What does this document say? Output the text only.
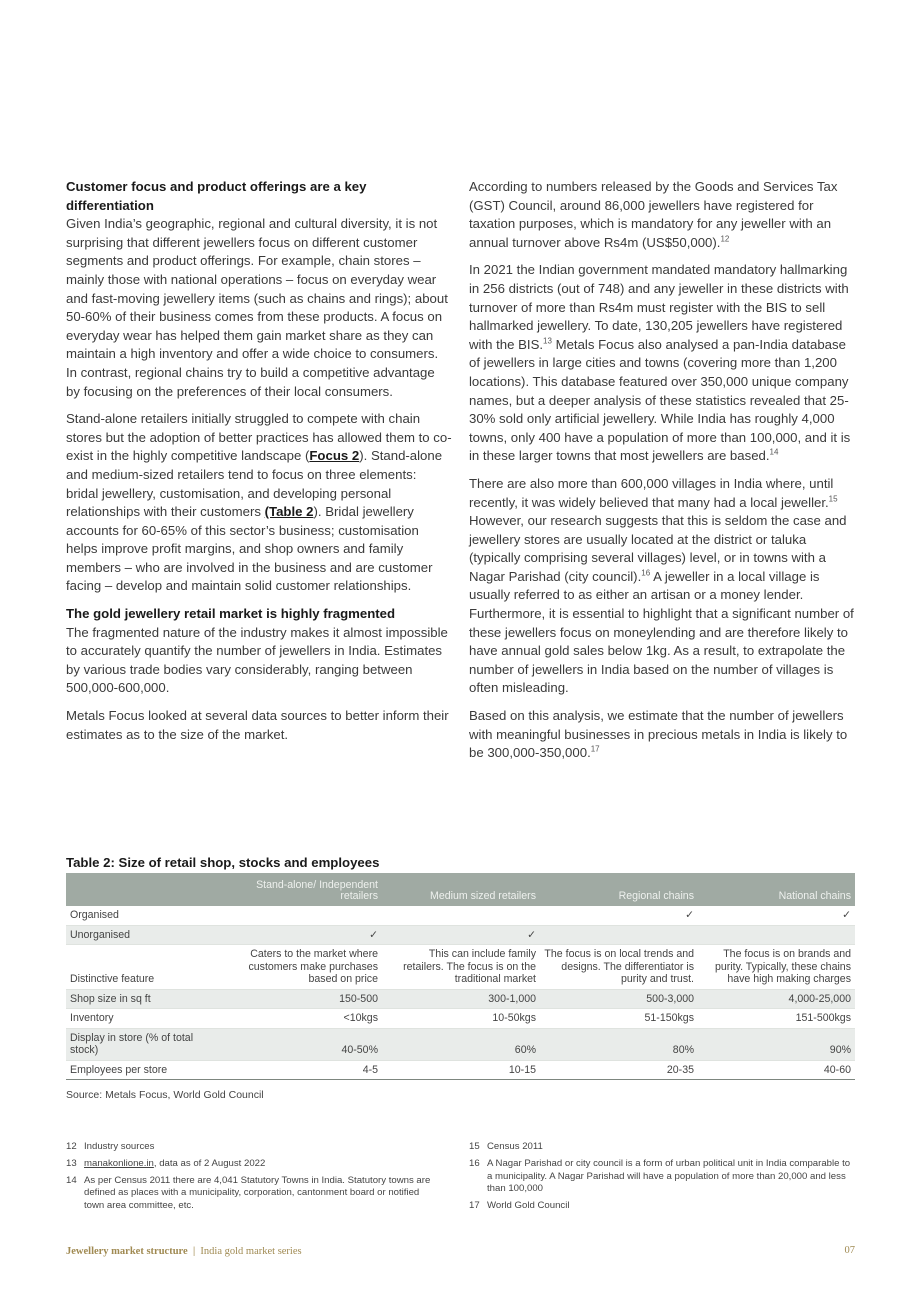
Customer focus and product offerings are a key differentiation

Given India’s geographic, regional and cultural diversity, it is not surprising that different jewellers focus on different customer segments and product offerings. For example, chain stores – mainly those with national operations – focus on everyday wear and fast-moving jewellery items (such as chains and rings); about 50-60% of their business comes from these products. A focus on everyday wear has helped them gain market share as they can maintain a high inventory and offer a wide choice to consumers. In contrast, regional chains try to build a competitive advantage by focusing on the preferences of their local consumers.

Stand-alone retailers initially struggled to compete with chain stores but the adoption of better practices has allowed them to co-exist in the highly competitive landscape (Focus 2). Stand-alone and medium-sized retailers tend to focus on three elements: bridal jewellery, customisation, and developing personal relationships with their customers (Table 2). Bridal jewellery accounts for 60-65% of this sector’s business; customisation helps improve profit margins, and shop owners and family members – who are involved in the business and are customer facing – develop and maintain solid customer relationships.

The gold jewellery retail market is highly fragmented

The fragmented nature of the industry makes it almost impossible to accurately quantify the number of jewellers in India. Estimates by various trade bodies vary considerably, ranging between 500,000-600,000.

Metals Focus looked at several data sources to better inform their estimates as to the size of the market.

According to numbers released by the Goods and Services Tax (GST) Council, around 86,000 jewellers have registered for taxation purposes, which is mandatory for any jeweller with an annual turnover above Rs4m (US$50,000).$^{12}$

In 2021 the Indian government mandated mandatory hallmarking in 256 districts (out of 748) and any jeweller in these districts with turnover of more than Rs4m must register with the BIS to sell hallmarked jewellery. To date, 130,205 jewellers have registered with the BIS.$^{13}$ Metals Focus also analysed a pan-India database of jewellers in large cities and towns (covering more than 1,200 locations). This database featured over 350,000 unique company names, but a deeper analysis of these statistics revealed that 25-30% sold only artificial jewellery. While India has roughly 4,000 towns, only 400 have a population of more than 100,000, and it is in these larger towns that most jewellers are based.$^{14}$

There are also more than 600,000 villages in India where, until recently, it was widely believed that many had a local jeweller.$^{15}$ However, our research suggests that this is seldom the case and jewellery stores are usually located at the district or taluka (typically comprising several villages) level, or in towns with a Nagar Parishad (city council).$^{16}$ A jeweller in a local village is usually referred to as either an artisan or a money lender. Furthermore, it is essential to highlight that a significant number of these jewellers focus on moneylending and are therefore likely to have annual gold sales below 1kg. As a result, to extrapolate the number of jewellers in India based on the number of villages is often misleading.

Based on this analysis, we estimate that the number of jewellers with meaningful businesses in precious metals in India is likely to be 300,000-350,000.17

Table 2: Size of retail shop, stocks and employees
	Stand-alone/ Independent retailers	Medium sized retailers	Regional chains	National chains
Organised			✓	✓
Unorganised	✓	✓		
Distinctive feature	Caters to the market where customers make purchases based on price	This can include family retailers. The focus is on the traditional market	The focus is on local trends and designs. The differentiator is purity and trust.	The focus is on brands and purity. Typically, these chains have high making charges
Shop size in sq ft	150-500	300-1,000	500-3,000	4,000-25,000
Inventory	<10kgs	10-50kgs	51-150kgs	151-500kgs
Display in store (% of total stock)	40-50%	60%	80%	90%
Employees per store	4-5	10-15	20-35	40-60
Source: Metals Focus, World Gold Council
12 Industry sources
13 manakonlione.in, data as of 2 August 2022
14 As per Census 2011 there are 4,041 Statutory Towns in India. Statutory towns are defined as places with a municipality, corporation, cantonment board or notified town area committee, etc.
15 Census 2011
16 A Nagar Parishad or city council is a form of urban political unit in India comparable to a municipality. A Nagar Parishad will have a population of more than 20,000 and less than 100,000
17 World Gold Council
Jewellery market structure | India gold market series	07
